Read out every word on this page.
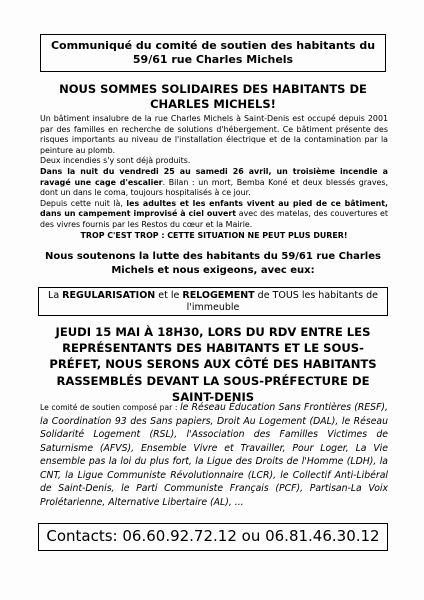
Communiqué du comité de soutien des habitants du
59/61 rue Charles Michels
NOUS SOMMES SOLIDAIRES DES HABITANTS DE
CHARLES MICHELS!

Un bâtiment insalubre de la rue Charles Michels à Saint-Denis est occupé depuis 2001 par des familles en recherche de solutions d'hébergement. Ce bâtiment présente des risques importants au niveau de l'installation électrique et de la contamination par la peinture au plomb.

Deux incendies s'y sont déjà produits.

Dans la nuit du vendredi 25 au samedi 26 avril, un troisième incendie a ravagé une cage d'escalier. Bilan : un mort, Bemba Koné et deux blessés graves, dont un dans le coma, toujours hospitalisés à ce jour.

Depuis cette nuit là, les adultes et les enfants vivent au pied de ce bâtiment, dans un campement improvisé à ciel ouvert avec des matelas, des couvertures et des vivres fournis par les Restos du cœur et la Mairie.

TROP C'EST TROP : CETTE SITUATION NE PEUT PLUS DURER!

Nous soutenons la lutte des habitants du 59/61 rue Charles
Michels et nous exigeons, avec eux:
La REGULARISATION et le RELOGEMENT de TOUS les habitants de l'immeuble
JEUDI 15 MAI À 18H30, LORS DU RDV ENTRE LES
REPRÉSENTANTS DES HABITANTS ET LE SOUS-
PRÉFET, NOUS SERONS AUX CÔTÉ DES HABITANTS
RASSEMBLÉS DEVANT LA SOUS-PRÉFECTURE DE
SAINT-DENIS
Le comité de soutien composé par : le Réseau Éducation Sans Frontières (RESF), la Coordination 93 des Sans papiers, Droit Au Logement (DAL), le Réseau Solidarité Logement (RSL), l'Association des Familles Victimes de Saturnisme (AFVS), Ensemble Vivre et Travailler, Pour Loger, La Vie ensemble pas la loi du plus fort, la Ligue des Droits de l'Homme (LDH), la CNT, la Ligue Communiste Révolutionnaire (LCR), le Collectif Anti-Libéral de Saint-Denis, le Parti Communiste Français (PCF), Partisan-La Voix Prolétarienne, Alternative Libertaire (AL), ...
Contacts: 06.60.92.72.12 ou 06.81.46.30.12
